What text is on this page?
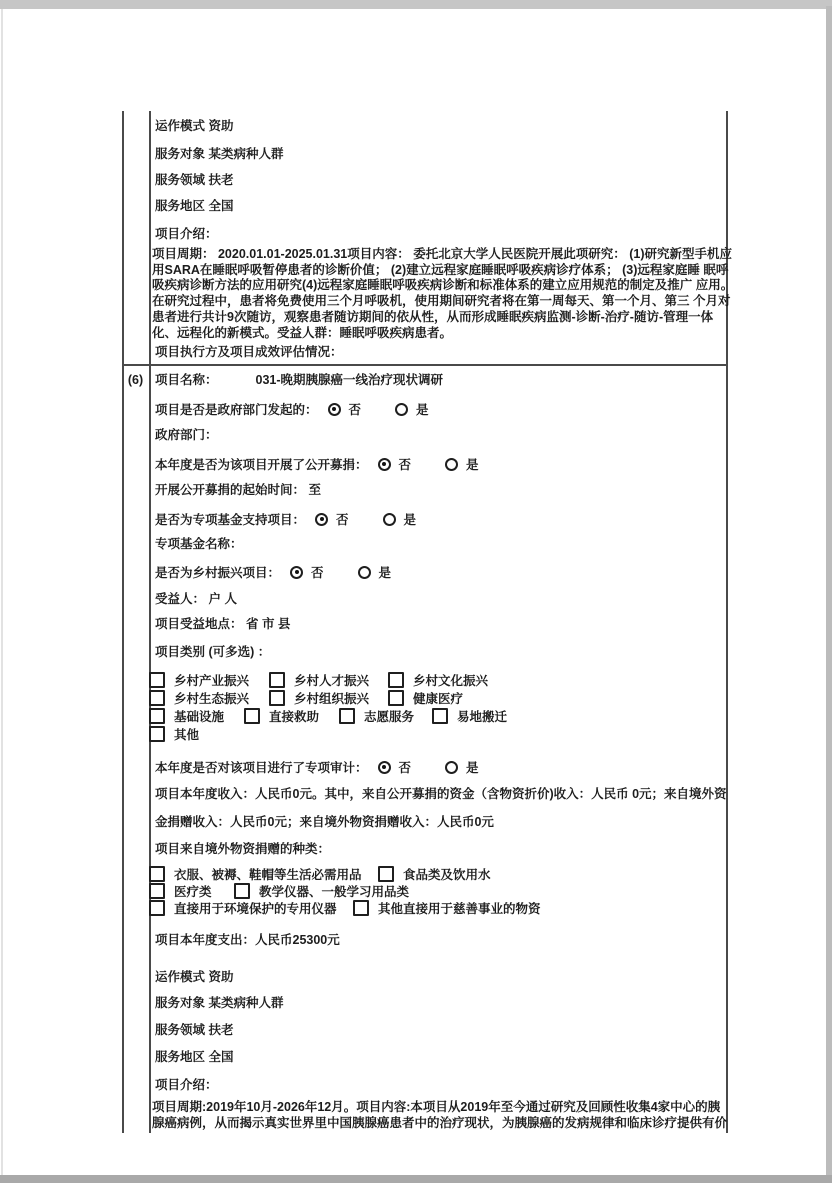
运作模式 资助
服务对象 某类病种人群
服务领域 扶老
服务地区 全国
项目介绍：
项目周期： 2020.01.01-2025.01.31项目内容： 委托北京大学人民医院开展此项研究： (1)研究新型手机应
用SARA在睡眠呼吸暂停患者的诊断价值； (2)建立远程家庭睡眠呼吸疾病诊疗体系； (3)远程家庭睡 眠呼
吸疾病诊断方法的应用研究(4)远程家庭睡眠呼吸疾病诊断和标准体系的建立应用规范的制定及推广 应用。
在研究过程中，患者将免费使用三个月呼吸机，使用期间研究者将在第一周每天、第一个月、第三 个月对
患者进行共计9次随访，观察患者随访期间的依从性，从而形成睡眠疾病监测-诊断-治疗-随访-管理一体
化、远程化的新模式。受益人群：睡眠呼吸疾病患者。
项目执行方及项目成效评估情况：
(6) 项目名称：	031-晚期胰腺癌一线治疗现状调研
项目是否是政府部门发起的： 否	是
政府部门：
本年度是否为该项目开展了公开募捐： 否	是
开展公开募捐的起始时间： 至
是否为专项基金支持项目： 否	是
专项基金名称：
是否为乡村振兴项目： 否	是
受益人： 户 人
项目受益地点： 省 市 县
项目类别 (可多选) ：
乡村产业振兴	乡村人才振兴	乡村文化振兴
乡村生态振兴	乡村组织振兴	健康医疗
基础设施	直接救助	志愿服务	易地搬迁
其他
本年度是否对该项目进行了专项审计： 否	是
项目本年度收入：人民币0元。其中，来自公开募捐的资金（含物资折价)收入：人民币 0元；来自境外资
金捐赠收入：人民币0元；来自境外物资捐赠收入：人民币0元
项目来自境外物资捐赠的种类：
衣服、被褥、鞋帽等生活必需用品	食品类及饮用水
医疗类	教学仪器、一般学习用品类
直接用于环境保护的专用仪器	其他直接用于慈善事业的物资
项目本年度支出：人民币25300元
运作模式 资助
服务对象 某类病种人群
服务领域 扶老
服务地区 全国
项目介绍：
项目周期:2019年10月-2026年12月。项目内容:本项目从2019年至今通过研究及回顾性收集4家中心的胰
腺癌病例，从而揭示真实世界里中国胰腺癌患者中的治疗现状，为胰腺癌的发病规律和临床诊疗提供有价
